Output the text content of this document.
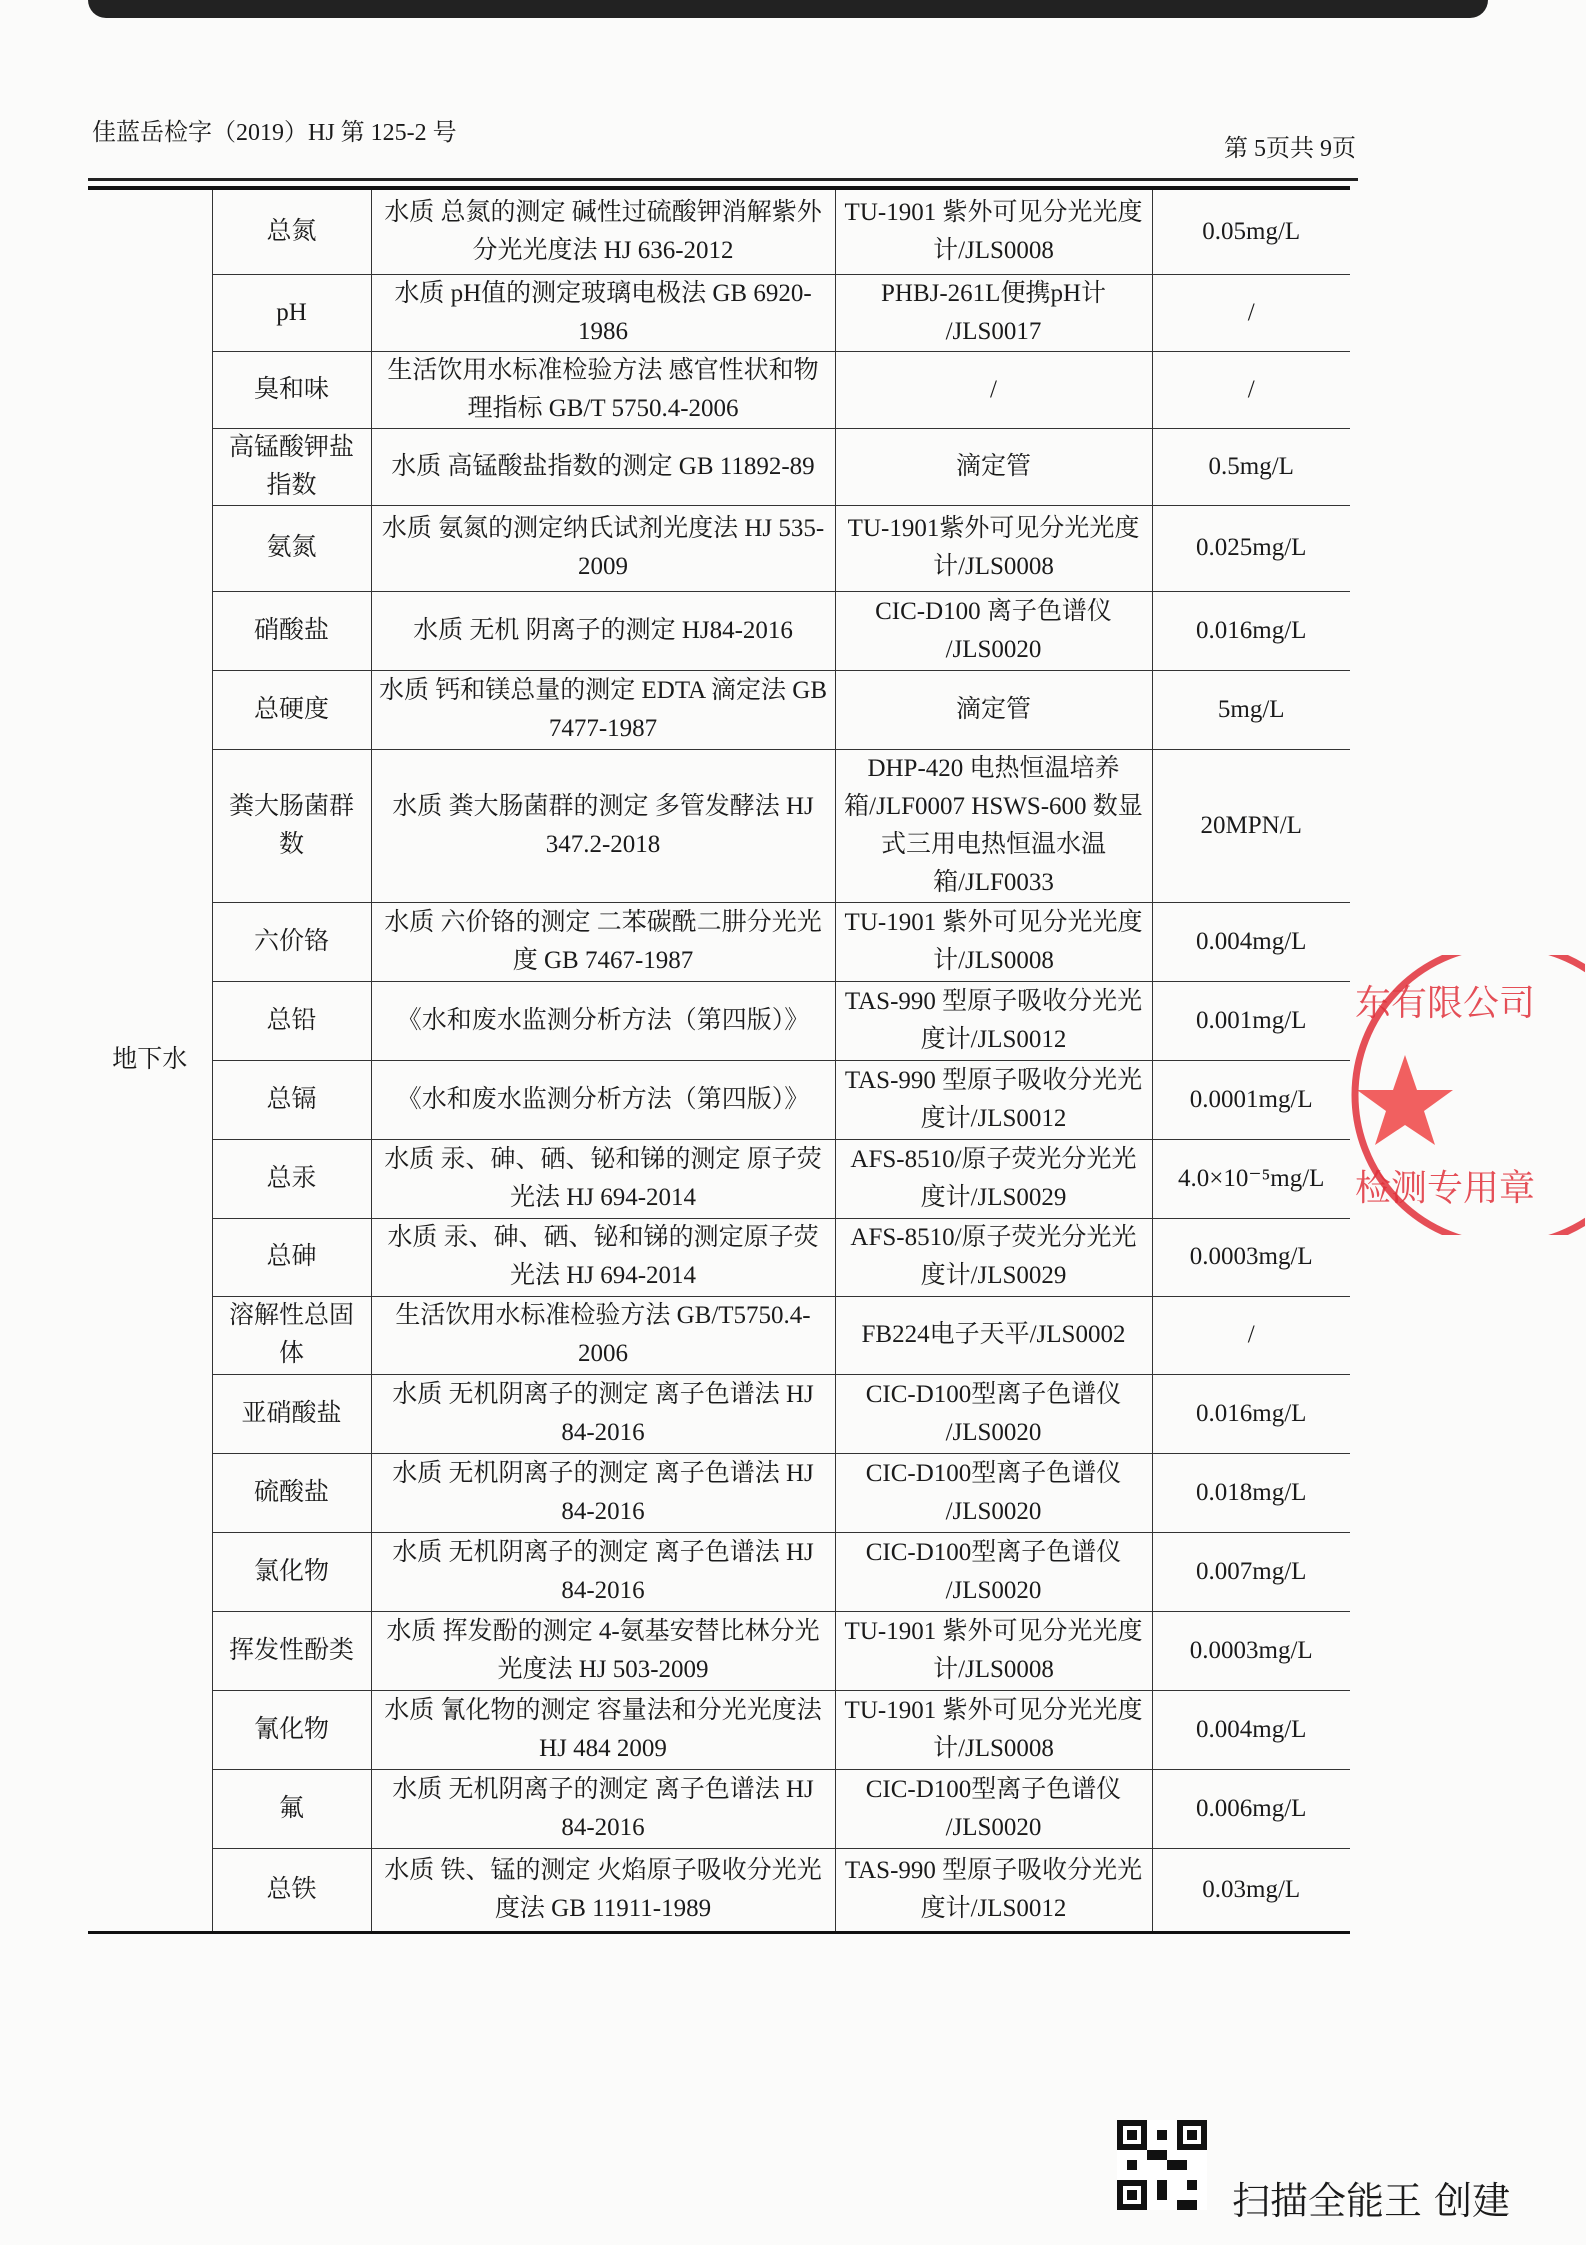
佳蓝岳检字（2019）HJ 第 125-2 号
第 5页共 9页
地下水	总氮	水质 总氮的测定 碱性过硫酸钾消解紫外分光光度法 HJ 636-2012	TU-1901 紫外可见分光光度计/JLS0008	0.05mg/L
	pH	水质 pH值的测定玻璃电极法 GB 6920-1986	PHBJ-261L便携pH计 /JLS0017	/
	臭和味	生活饮用水标准检验方法 感官性状和物理指标 GB/T 5750.4-2006	/	/
	高锰酸钾盐指数	水质 高锰酸盐指数的测定 GB 11892-89	滴定管	0.5mg/L
	氨氮	水质 氨氮的测定纳氏试剂光度法 HJ 535-2009	TU-1901紫外可见分光光度计/JLS0008	0.025mg/L
	硝酸盐	水质 无机 阴离子的测定 HJ84-2016	CIC-D100 离子色谱仪 /JLS0020	0.016mg/L
	总硬度	水质 钙和镁总量的测定 EDTA 滴定法 GB 7477-1987	滴定管	5mg/L
	粪大肠菌群数	水质 粪大肠菌群的测定 多管发酵法 HJ 347.2-2018	DHP-420 电热恒温培养箱/JLF0007 HSWS-600 数显式三用电热恒温水温箱/JLF0033	20MPN/L
	六价铬	水质 六价铬的测定 二苯碳酰二肼分光光度 GB 7467-1987	TU-1901 紫外可见分光光度计/JLS0008	0.004mg/L
	总铅	《水和废水监测分析方法（第四版）》	TAS-990 型原子吸收分光光度计/JLS0012	0.001mg/L
	总镉	《水和废水监测分析方法（第四版）》	TAS-990 型原子吸收分光光度计/JLS0012	0.0001mg/L
	总汞	水质 汞、砷、硒、铋和锑的测定 原子荧光法 HJ 694-2014	AFS-8510/原子荧光分光光度计/JLS0029	4.0×10⁻⁵mg/L
	总砷	水质 汞、砷、硒、铋和锑的测定原子荧光法 HJ 694-2014	AFS-8510/原子荧光分光光度计/JLS0029	0.0003mg/L
	溶解性总固体	生活饮用水标准检验方法 GB/T5750.4-2006	FB224电子天平/JLS0002	/
	亚硝酸盐	水质 无机阴离子的测定 离子色谱法 HJ 84-2016	CIC-D100型离子色谱仪 /JLS0020	0.016mg/L
	硫酸盐	水质 无机阴离子的测定 离子色谱法 HJ 84-2016	CIC-D100型离子色谱仪 /JLS0020	0.018mg/L
	氯化物	水质 无机阴离子的测定 离子色谱法 HJ 84-2016	CIC-D100型离子色谱仪 /JLS0020	0.007mg/L
	挥发性酚类	水质 挥发酚的测定 4-氨基安替比林分光光度法 HJ 503-2009	TU-1901 紫外可见分光光度计/JLS0008	0.0003mg/L
	氰化物	水质 氰化物的测定 容量法和分光光度法 HJ 484 2009	TU-1901 紫外可见分光光度计/JLS0008	0.004mg/L
	氟	水质 无机阴离子的测定 离子色谱法 HJ 84-2016	CIC-D100型离子色谱仪 /JLS0020	0.006mg/L
	总铁	水质 铁、锰的测定 火焰原子吸收分光光度法 GB 11911-1989	TAS-990 型原子吸收分光光度计/JLS0012	0.03mg/L
东有限公司
检测专用章
扫描全能王 创建
